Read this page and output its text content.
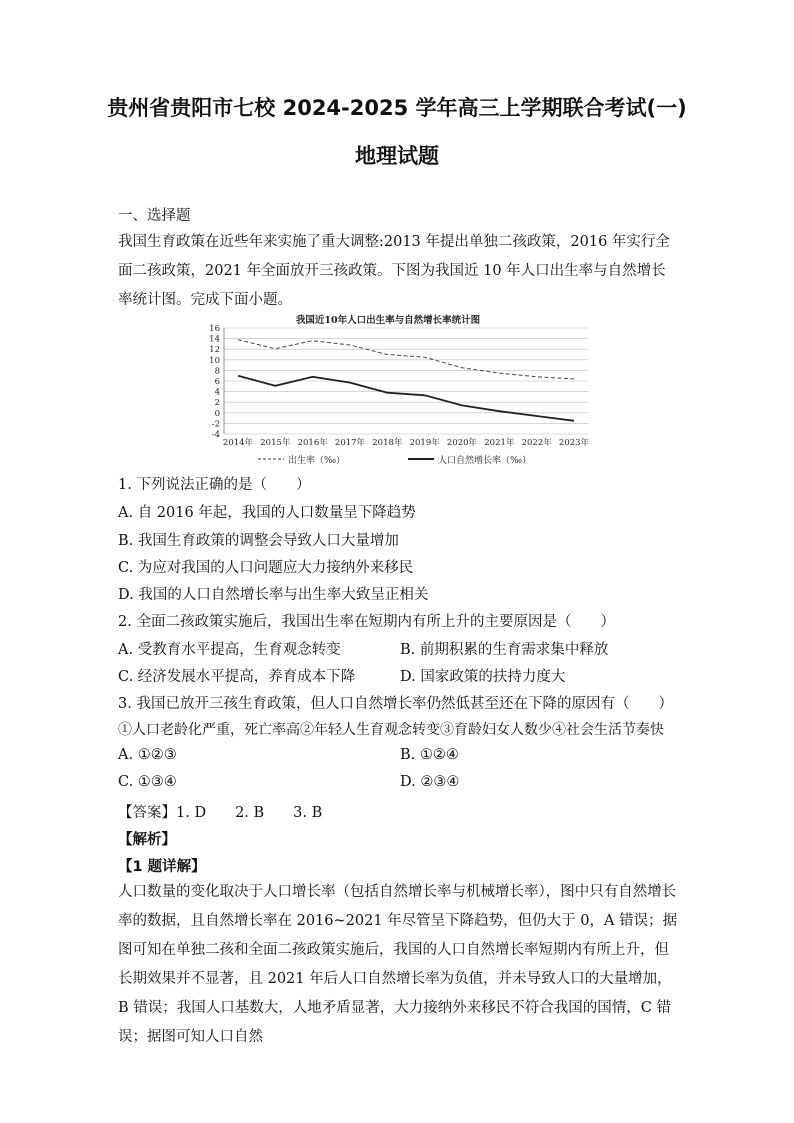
贵州省贵阳市七校 2024-2025 学年高三上学期联合考试(一)
地理试题
一、选择题
我国生育政策在近些年来实施了重大调整:2013 年提出单独二孩政策，2016 年实行全面二孩政策，2021 年全面放开三孩政策。下图为我国近 10 年人口出生率与自然增长率统计图。完成下面小题。
-4
-2
0
2
4
6
8
10
12
14
16
2014年 2015年 2016年 2017年 2018年 2019年 2020年 2021年 2022年 2023年
我国近10年人口出生率与自然增长率统计图
出生率（‰）	人口自然增长率（‰）
1. 下列说法正确的是（　　）
A. 自 2016 年起，我国的人口数量呈下降趋势
B. 我国生育政策的调整会导致人口大量增加
C. 为应对我国的人口问题应大力接纳外来移民
D. 我国的人口自然增长率与出生率大致呈正相关
2. 全面二孩政策实施后，我国出生率在短期内有所上升的主要原因是（　　）
A. 受教育水平提高，生育观念转变	B. 前期积累的生育需求集中释放
C. 经济发展水平提高，养育成本下降	D. 国家政策的扶持力度大
3. 我国已放开三孩生育政策，但人口自然增长率仍然低甚至还在下降的原因有（　　）
①人口老龄化严重，死亡率高②年轻人生育观念转变③育龄妇女人数少④社会生活节奏快
A. ①②③	B. ①②④
C. ①③④	D. ②③④
【答案】1. D　　2. B　　3. B
【解析】
【1 题详解】
人口数量的变化取决于人口增长率（包括自然增长率与机械增长率），图中只有自然增长率的数据，且自然增长率在 2016~2021 年尽管呈下降趋势，但仍大于 0，A 错误；据图可知在单独二孩和全面二孩政策实施后，我国的人口自然增长率短期内有所上升，但长期效果并不显著，且 2021 年后人口自然增长率为负值，并未导致人口的大量增加，B 错误；我国人口基数大，人地矛盾显著，大力接纳外来移民不符合我国的国情，C 错误；据图可知人口自然
